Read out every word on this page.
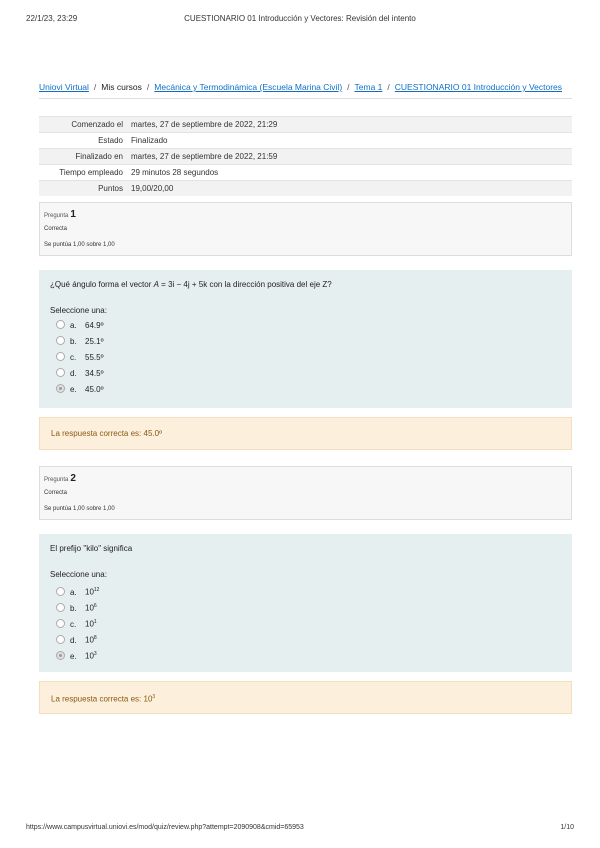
22/1/23, 23:29	CUESTIONARIO 01 Introducción y Vectores: Revisión del intento
Uniovi Virtual / Mis cursos / Mecánica y Termodinámica (Escuela Marina Civil) / Tema 1 / CUESTIONARIO 01 Introducción y Vectores
Comenzado el	martes, 27 de septiembre de 2022, 21:29
Estado	Finalizado
Finalizado en	martes, 27 de septiembre de 2022, 21:59
Tiempo empleado	29 minutos 28 segundos
Puntos	19,00/20,00
Pregunta 1
Correcta
Se puntúa 1,00 sobre 1,00
¿Qué ángulo forma el vector A = 3i − 4j + 5k con la dirección positiva del eje Z?
Seleccione una:
a. 64.9º
b. 25.1º
c. 55.5º
d. 34.5º
e. 45.0º
La respuesta correcta es: 45.0º
Pregunta 2
Correcta
Se puntúa 1,00 sobre 1,00
El prefijo "kilo" significa
Seleccione una:
a. $10^{12}$
b. $10^6$
c. $10^1$
d. $10^8$
e. $10^3$
La respuesta correcta es: $10^3$
https://www.campusvirtual.uniovi.es/mod/quiz/review.php?attempt=2090908&cmid=65953	1/10
